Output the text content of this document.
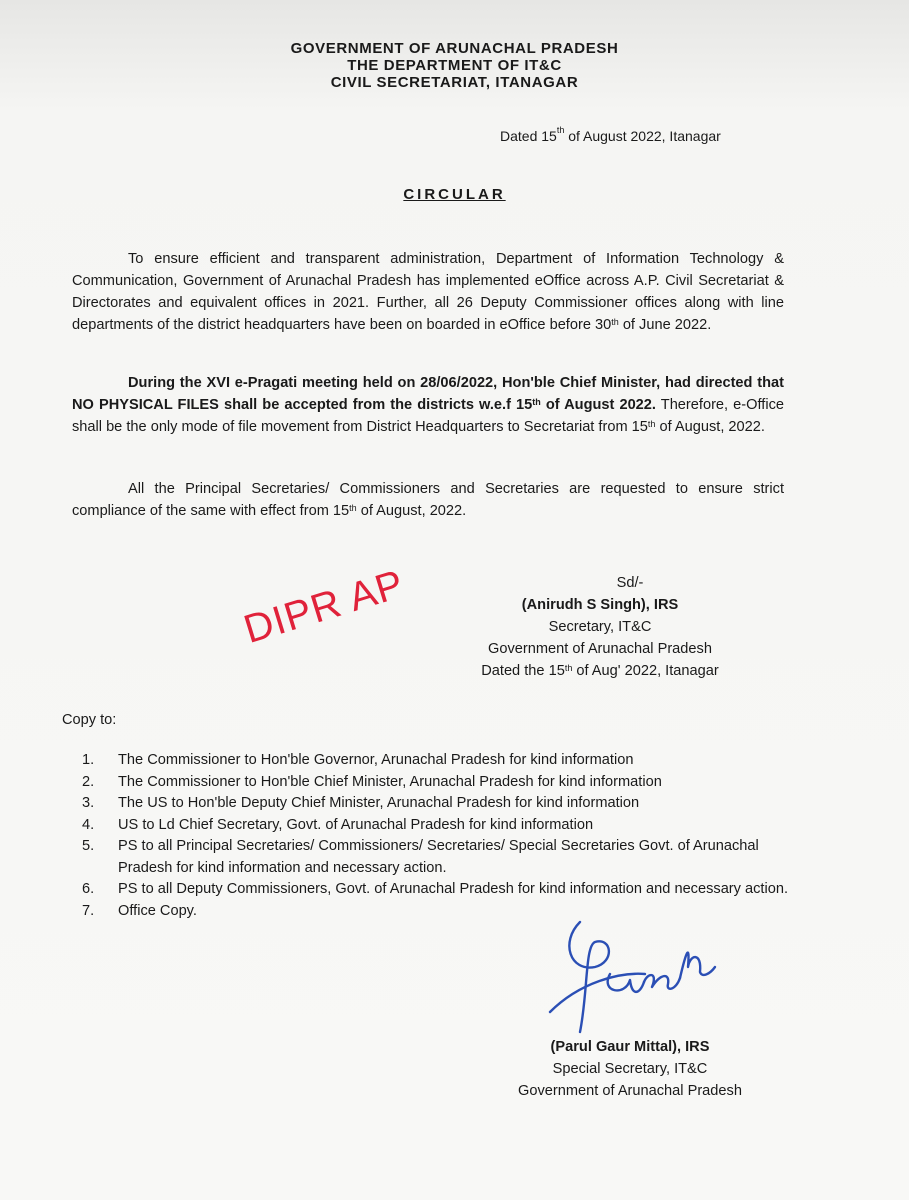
GOVERNMENT OF ARUNACHAL PRADESH
THE DEPARTMENT OF IT&C
CIVIL SECRETARIAT, ITANAGAR
Dated 15th of August 2022, Itanagar
CIRCULAR
To ensure efficient and transparent administration, Department of Information Technology & Communication, Government of Arunachal Pradesh has implemented eOffice across A.P. Civil Secretariat & Directorates and equivalent offices in 2021. Further, all 26 Deputy Commissioner offices along with line departments of the district headquarters have been on boarded in eOffice before 30th of June 2022.
During the XVI e-Pragati meeting held on 28/06/2022, Hon'ble Chief Minister, had directed that NO PHYSICAL FILES shall be accepted from the districts w.e.f 15th of August 2022. Therefore, e-Office shall be the only mode of file movement from District Headquarters to Secretariat from 15th of August, 2022.
All the Principal Secretaries/ Commissioners and Secretaries are requested to ensure strict compliance of the same with effect from 15th of August, 2022.
Sd/-
(Anirudh S Singh), IRS
Secretary, IT&C
Government of Arunachal Pradesh
Dated the 15th of Aug' 2022, Itanagar
DIPR AP
Copy to:
1.	The Commissioner to Hon'ble Governor, Arunachal Pradesh for kind information
2.	The Commissioner to Hon'ble Chief Minister, Arunachal Pradesh for kind information
3.	The US to Hon'ble Deputy Chief Minister, Arunachal Pradesh for kind information
4.	US to Ld Chief Secretary, Govt. of Arunachal Pradesh for kind information
5.	PS to all Principal Secretaries/ Commissioners/ Secretaries/ Special Secretaries Govt. of Arunachal Pradesh for kind information and necessary action.
6.	PS to all Deputy Commissioners, Govt. of Arunachal Pradesh for kind information and necessary action.
7.	Office Copy.
(Parul Gaur Mittal), IRS
Special Secretary, IT&C
Government of Arunachal Pradesh
